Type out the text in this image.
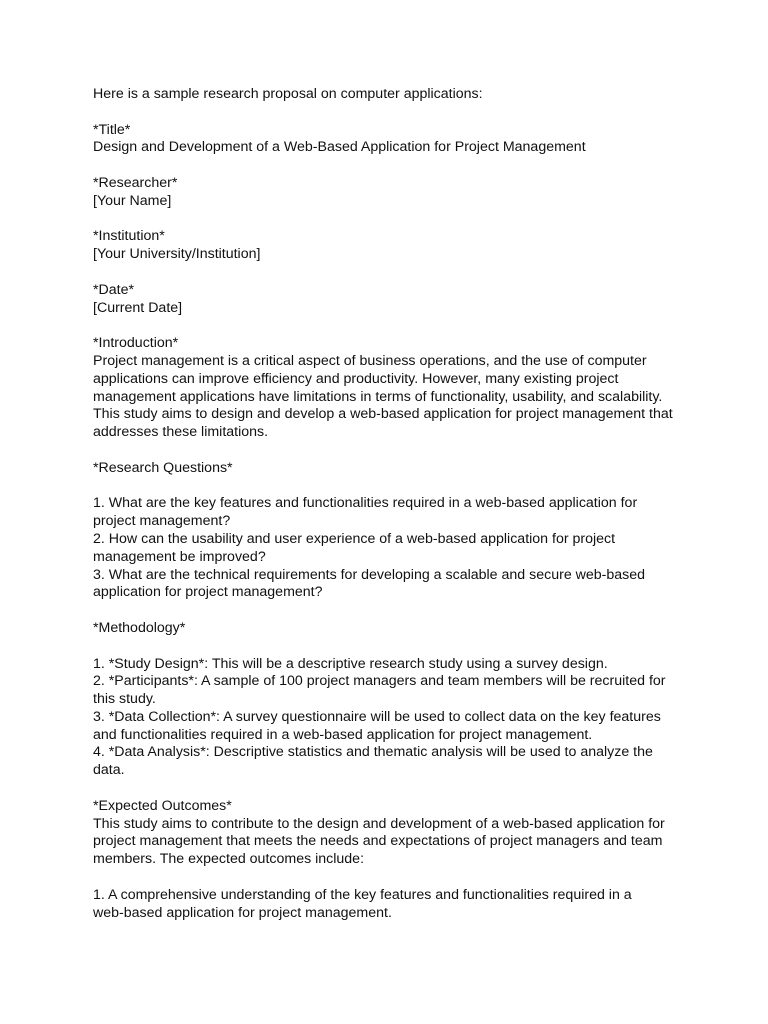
Here is a sample research proposal on computer applications:
*Title*
Design and Development of a Web-Based Application for Project Management
*Researcher*
[Your Name]
*Institution*
[Your University/Institution]
*Date*
[Current Date]
*Introduction*
Project management is a critical aspect of business operations, and the use of computer
applications can improve efficiency and productivity. However, many existing project
management applications have limitations in terms of functionality, usability, and scalability.
This study aims to design and develop a web-based application for project management that
addresses these limitations.
*Research Questions*
1. What are the key features and functionalities required in a web-based application for
project management?
2. How can the usability and user experience of a web-based application for project
management be improved?
3. What are the technical requirements for developing a scalable and secure web-based
application for project management?
*Methodology*
1. *Study Design*: This will be a descriptive research study using a survey design.
2. *Participants*: A sample of 100 project managers and team members will be recruited for
this study.
3. *Data Collection*: A survey questionnaire will be used to collect data on the key features
and functionalities required in a web-based application for project management.
4. *Data Analysis*: Descriptive statistics and thematic analysis will be used to analyze the
data.
*Expected Outcomes*
This study aims to contribute to the design and development of a web-based application for
project management that meets the needs and expectations of project managers and team
members. The expected outcomes include:
1. A comprehensive understanding of the key features and functionalities required in a
web-based application for project management.
